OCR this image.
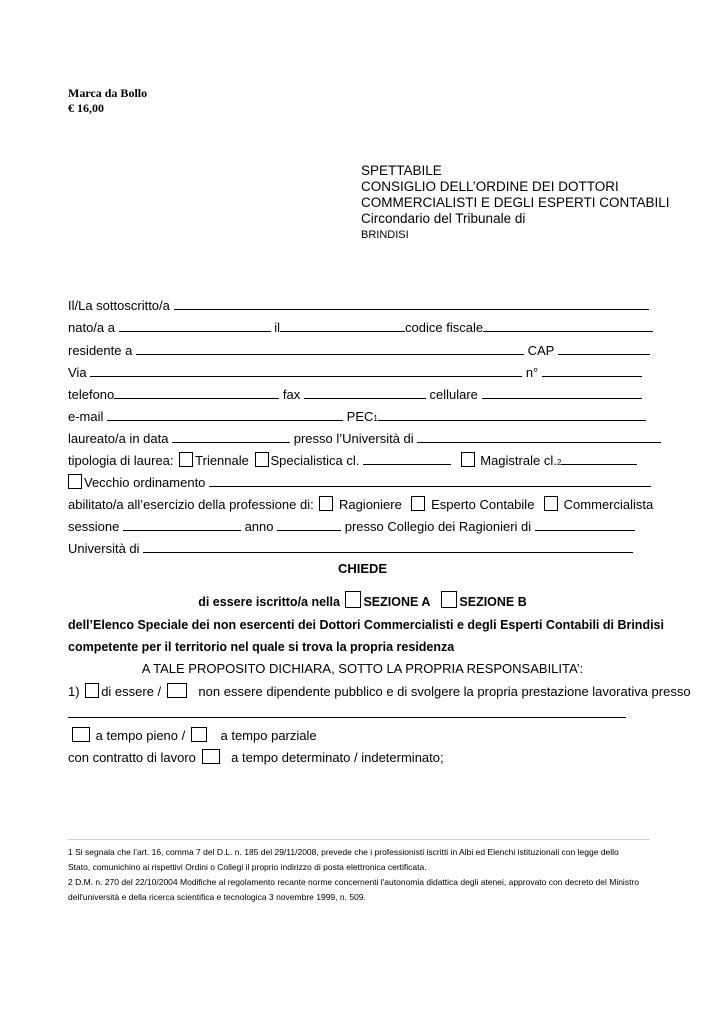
Marca da Bollo
€ 16,00
SPETTABILE
CONSIGLIO DELL’ORDINE DEI DOTTORI
COMMERCIALISTI E DEGLI ESPERTI CONTABILI
Circondario del Tribunale di
BRINDISI
Il/La sottoscritto/a
nato/a a	il	codice fiscale
residente a	CAP
Via	n°
telefono	fax	cellulare
e-mail	PEC1
laureato/a in data	presso l’Università di
tipologia di laurea: Triennale Specialistica cl.	Magistrale cl.2
Vecchio ordinamento
abilitato/a all’esercizio della professione di: Ragioniere Esperto Contabile Commercialista
sessione	anno	presso Collegio dei Ragionieri di
Università di
CHIEDE
di essere iscritto/a nella SEZIONE A SEZIONE B
dell’Elenco Speciale dei non esercenti dei Dottori Commercialisti e degli Esperti Contabili di Brindisi
competente per il territorio nel quale si trova la propria residenza
A TALE PROPOSITO DICHIARA, SOTTO LA PROPRIA RESPONSABILITA’:
1) di essere /	non essere dipendente pubblico e di svolgere la propria prestazione lavorativa presso
a tempo pieno /	a tempo parziale
con contratto di lavoro	a tempo determinato / indeterminato;
1 Si segnala che l’art. 16, comma 7 del D.L. n. 185 del 29/11/2008, prevede che i professionisti iscritti in Albi ed Elenchi istituzionali con legge dello
Stato, comunichino ai rispettivi Ordini o Collegi il proprio indirizzo di posta elettronica certificata.
2 D.M. n. 270 del 22/10/2004 Modifiche al regolamento recante norme concernenti l'autonomia didattica degli atenei, approvato con decreto del Ministro
dell'università e della ricerca scientifica e tecnologica 3 novembre 1999, n. 509.
